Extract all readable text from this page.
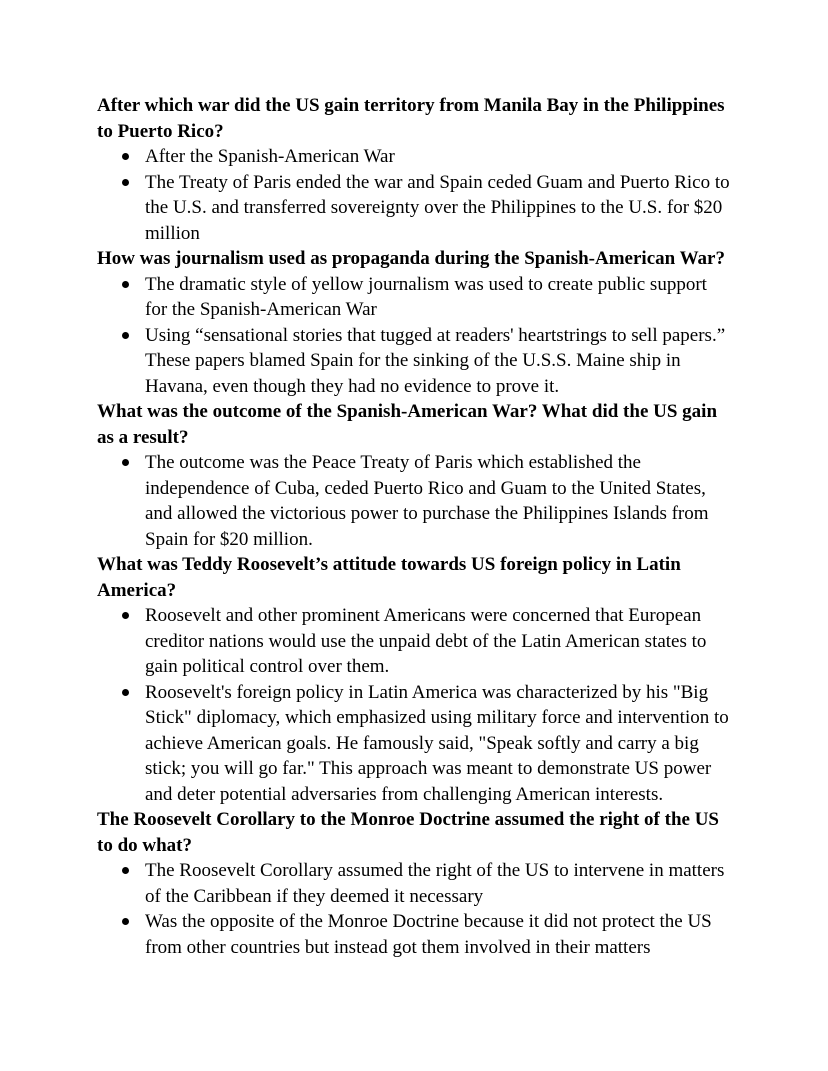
After which war did the US gain territory from Manila Bay in the Philippines to Puerto Rico?
After the Spanish-American War
The Treaty of Paris ended the war and Spain ceded Guam and Puerto Rico to the U.S. and transferred sovereignty over the Philippines to the U.S. for $20 million
How was journalism used as propaganda during the Spanish-American War?
The dramatic style of yellow journalism was used to create public support for the Spanish-American War
Using “sensational stories that tugged at readers' heartstrings to sell papers.” These papers blamed Spain for the sinking of the U.S.S. Maine ship in Havana, even though they had no evidence to prove it.
What was the outcome of the Spanish-American War? What did the US gain as a result?
The outcome was the Peace Treaty of Paris which established the independence of Cuba, ceded Puerto Rico and Guam to the United States, and allowed the victorious power to purchase the Philippines Islands from Spain for $20 million.
What was Teddy Roosevelt’s attitude towards US foreign policy in Latin America?
Roosevelt and other prominent Americans were concerned that European creditor nations would use the unpaid debt of the Latin American states to gain political control over them.
Roosevelt's foreign policy in Latin America was characterized by his "Big Stick" diplomacy, which emphasized using military force and intervention to achieve American goals. He famously said, "Speak softly and carry a big stick; you will go far." This approach was meant to demonstrate US power and deter potential adversaries from challenging American interests.
The Roosevelt Corollary to the Monroe Doctrine assumed the right of the US to do what?
The Roosevelt Corollary assumed the right of the US to intervene in matters of the Caribbean if they deemed it necessary
Was the opposite of the Monroe Doctrine because it did not protect the US from other countries but instead got them involved in their matters
